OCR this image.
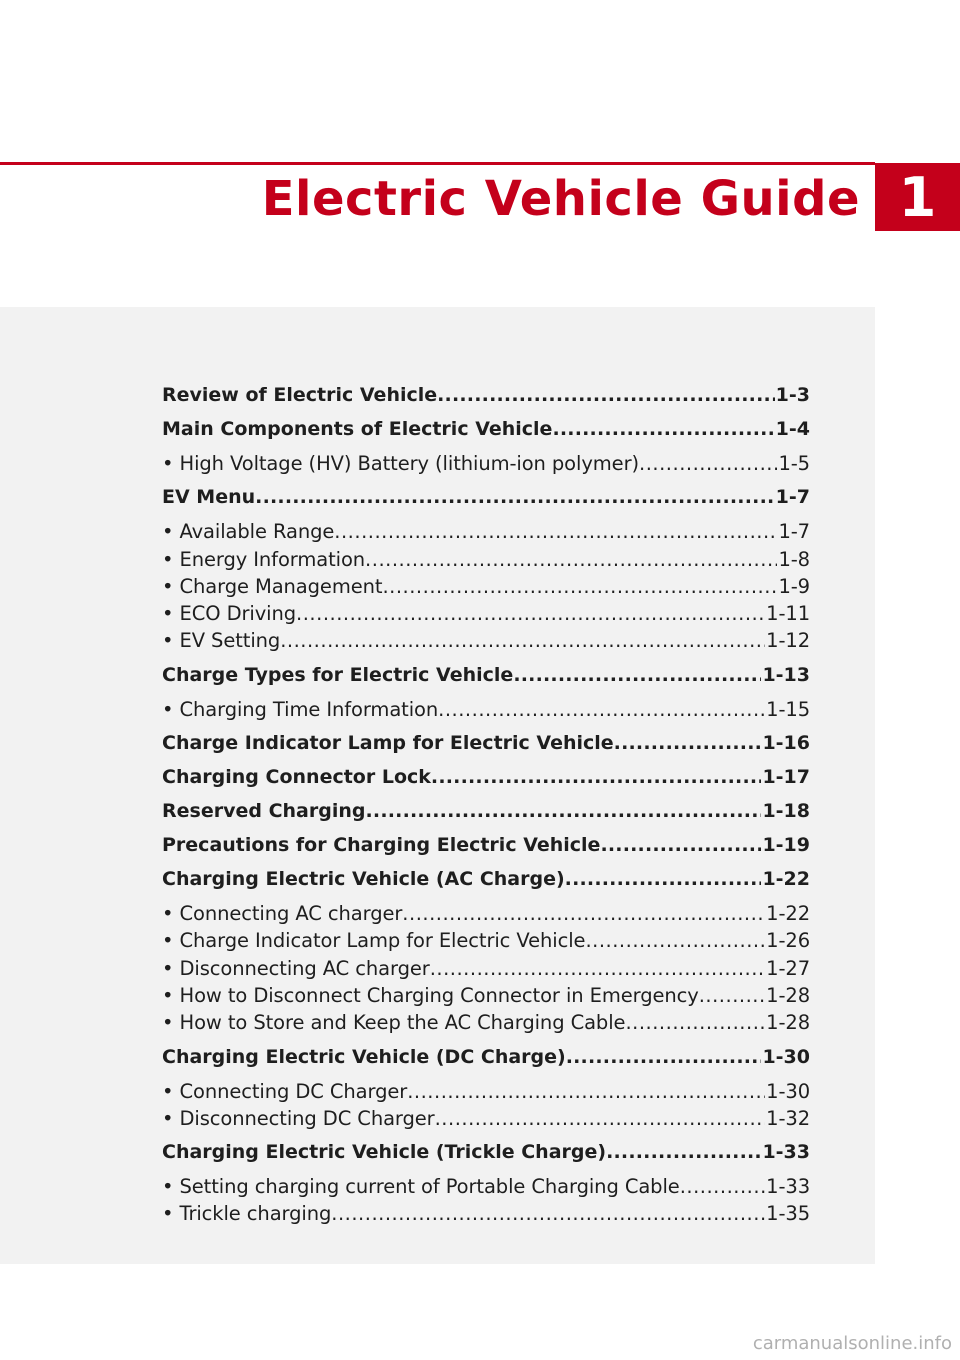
Electric Vehicle Guide 1
Review of Electric Vehicle .....	1-3
Main Components of Electric Vehicle .....	1-4
• High Voltage (HV) Battery (lithium-ion polymer) .....	1-5
EV Menu .....	1-7
• Available Range .....	1-7
• Energy Information .....	1-8
• Charge Management .....	1-9
• ECO Driving .....	1-11
• EV Setting .....	1-12
Charge Types for Electric Vehicle .....	1-13
• Charging Time Information .....	1-15
Charge Indicator Lamp for Electric Vehicle .....	1-16
Charging Connector Lock .....	1-17
Reserved Charging .....	1-18
Precautions for Charging Electric Vehicle .....	1-19
Charging Electric Vehicle (AC Charge) .....	1-22
• Connecting AC charger .....	1-22
• Charge Indicator Lamp for Electric Vehicle .....	1-26
• Disconnecting AC charger .....	1-27
• How to Disconnect Charging Connector in Emergency .....	1-28
• How to Store and Keep the AC Charging Cable .....	1-28
Charging Electric Vehicle (DC Charge) .....	1-30
• Connecting DC Charger .....	1-30
• Disconnecting DC Charger .....	1-32
Charging Electric Vehicle (Trickle Charge) .....	1-33
• Setting charging current of Portable Charging Cable .....	1-33
• Trickle charging .....	1-35
carmanualsonline.info
